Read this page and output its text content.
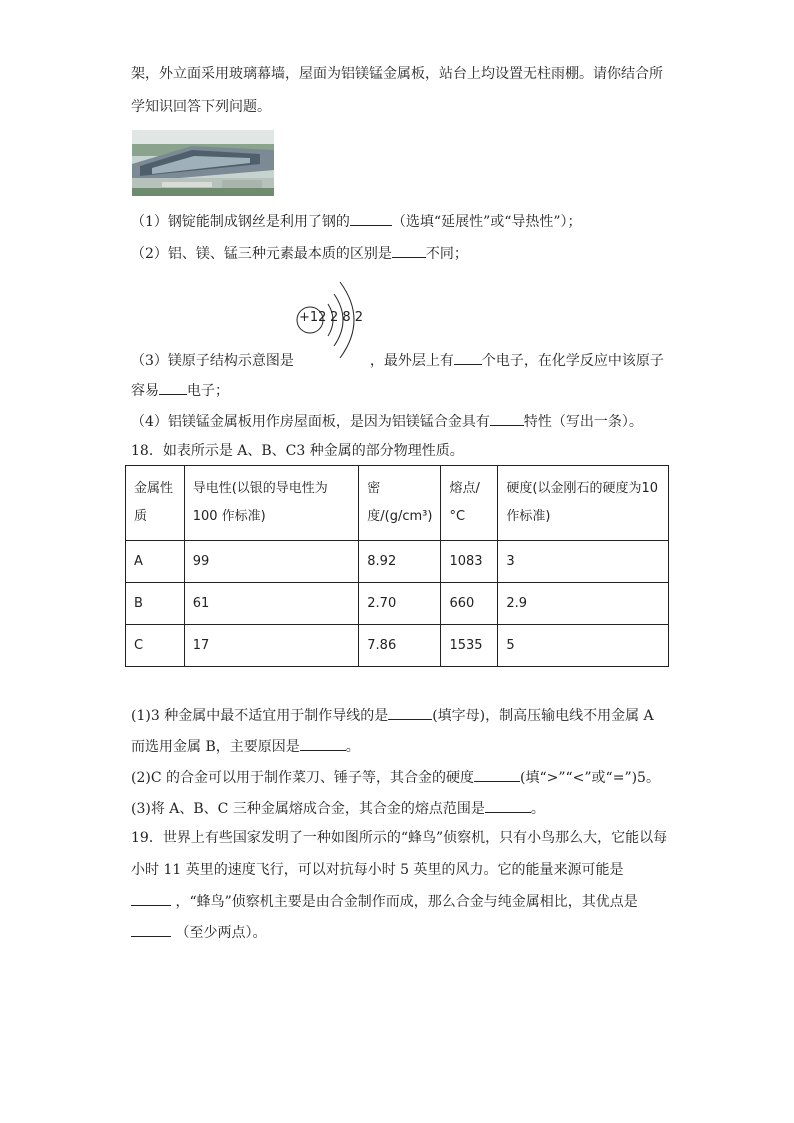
架，外立面采用玻璃幕墙，屋面为铝镁锰金属板，站台上均设置无柱雨棚。请你结合所
学知识回答下列问题。
（1）钢锭能制成钢丝是利用了钢的	（选填“延展性”或“导热性”）；
（2）铝、镁、锰三种元素最本质的区别是 不同；
+12 2 8 2
（3）镁原子结构示意图是	，最外层上有 个电子，在化学反应中该原子
容易 电子；
（4）铝镁锰金属板用作房屋面板，是因为铝镁锰合金具有 特性（写出一条）。
18．如表所示是 A、B、C3 种金属的部分物理性质。
金属性质	导电性(以银的导电性为100 作标准)	密度/(g/cm³)	熔点/°C	硬度(以金刚石的硬度为10 作标准)
A	99	8.92	1083	3
B	61	2.70	660	2.9
C	17	7.86	1535	5
(1)3 种金属中最不适宜用于制作导线的是	(填字母)，制高压输电线不用金属 A
而选用金属 B，主要原因是	。
(2)C 的合金可以用于制作菜刀、锤子等，其合金的硬度	(填“>”“<”或“=”)5。
(3)将 A、B、C 三种金属熔成合金，其合金的熔点范围是	。
19．世界上有些国家发明了一种如图所示的“蜂鸟”侦察机，只有小鸟那么大，它能以每
小时 11 英里的速度飞行，可以对抗每小时 5 英里的风力。它的能量来源可能是
，“蜂鸟”侦察机主要是由合金制作而成，那么合金与纯金属相比，其优点是
（至少两点）。
